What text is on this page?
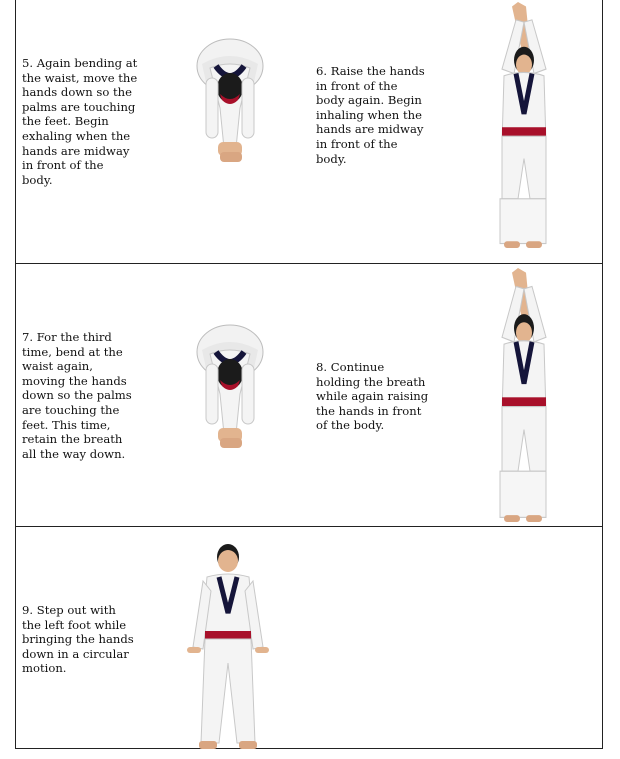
5. Again bending at
the waist, move the
hands down so the
palms are touching
the feet. Begin
exhaling when the
hands are midway
in front of the
body.
6. Raise the hands
in front of the
body again. Begin
inhaling when the
hands are midway
in front of the
body.
7. For the third
time, bend at the
waist again,
moving the hands
down so the palms
are touching the
feet. This time,
retain the breath
all the way down.
8. Continue
holding the breath
while again raising
the hands in front
of the body.
9. Step out with
the left foot while
bringing the hands
down in a circular
motion.
